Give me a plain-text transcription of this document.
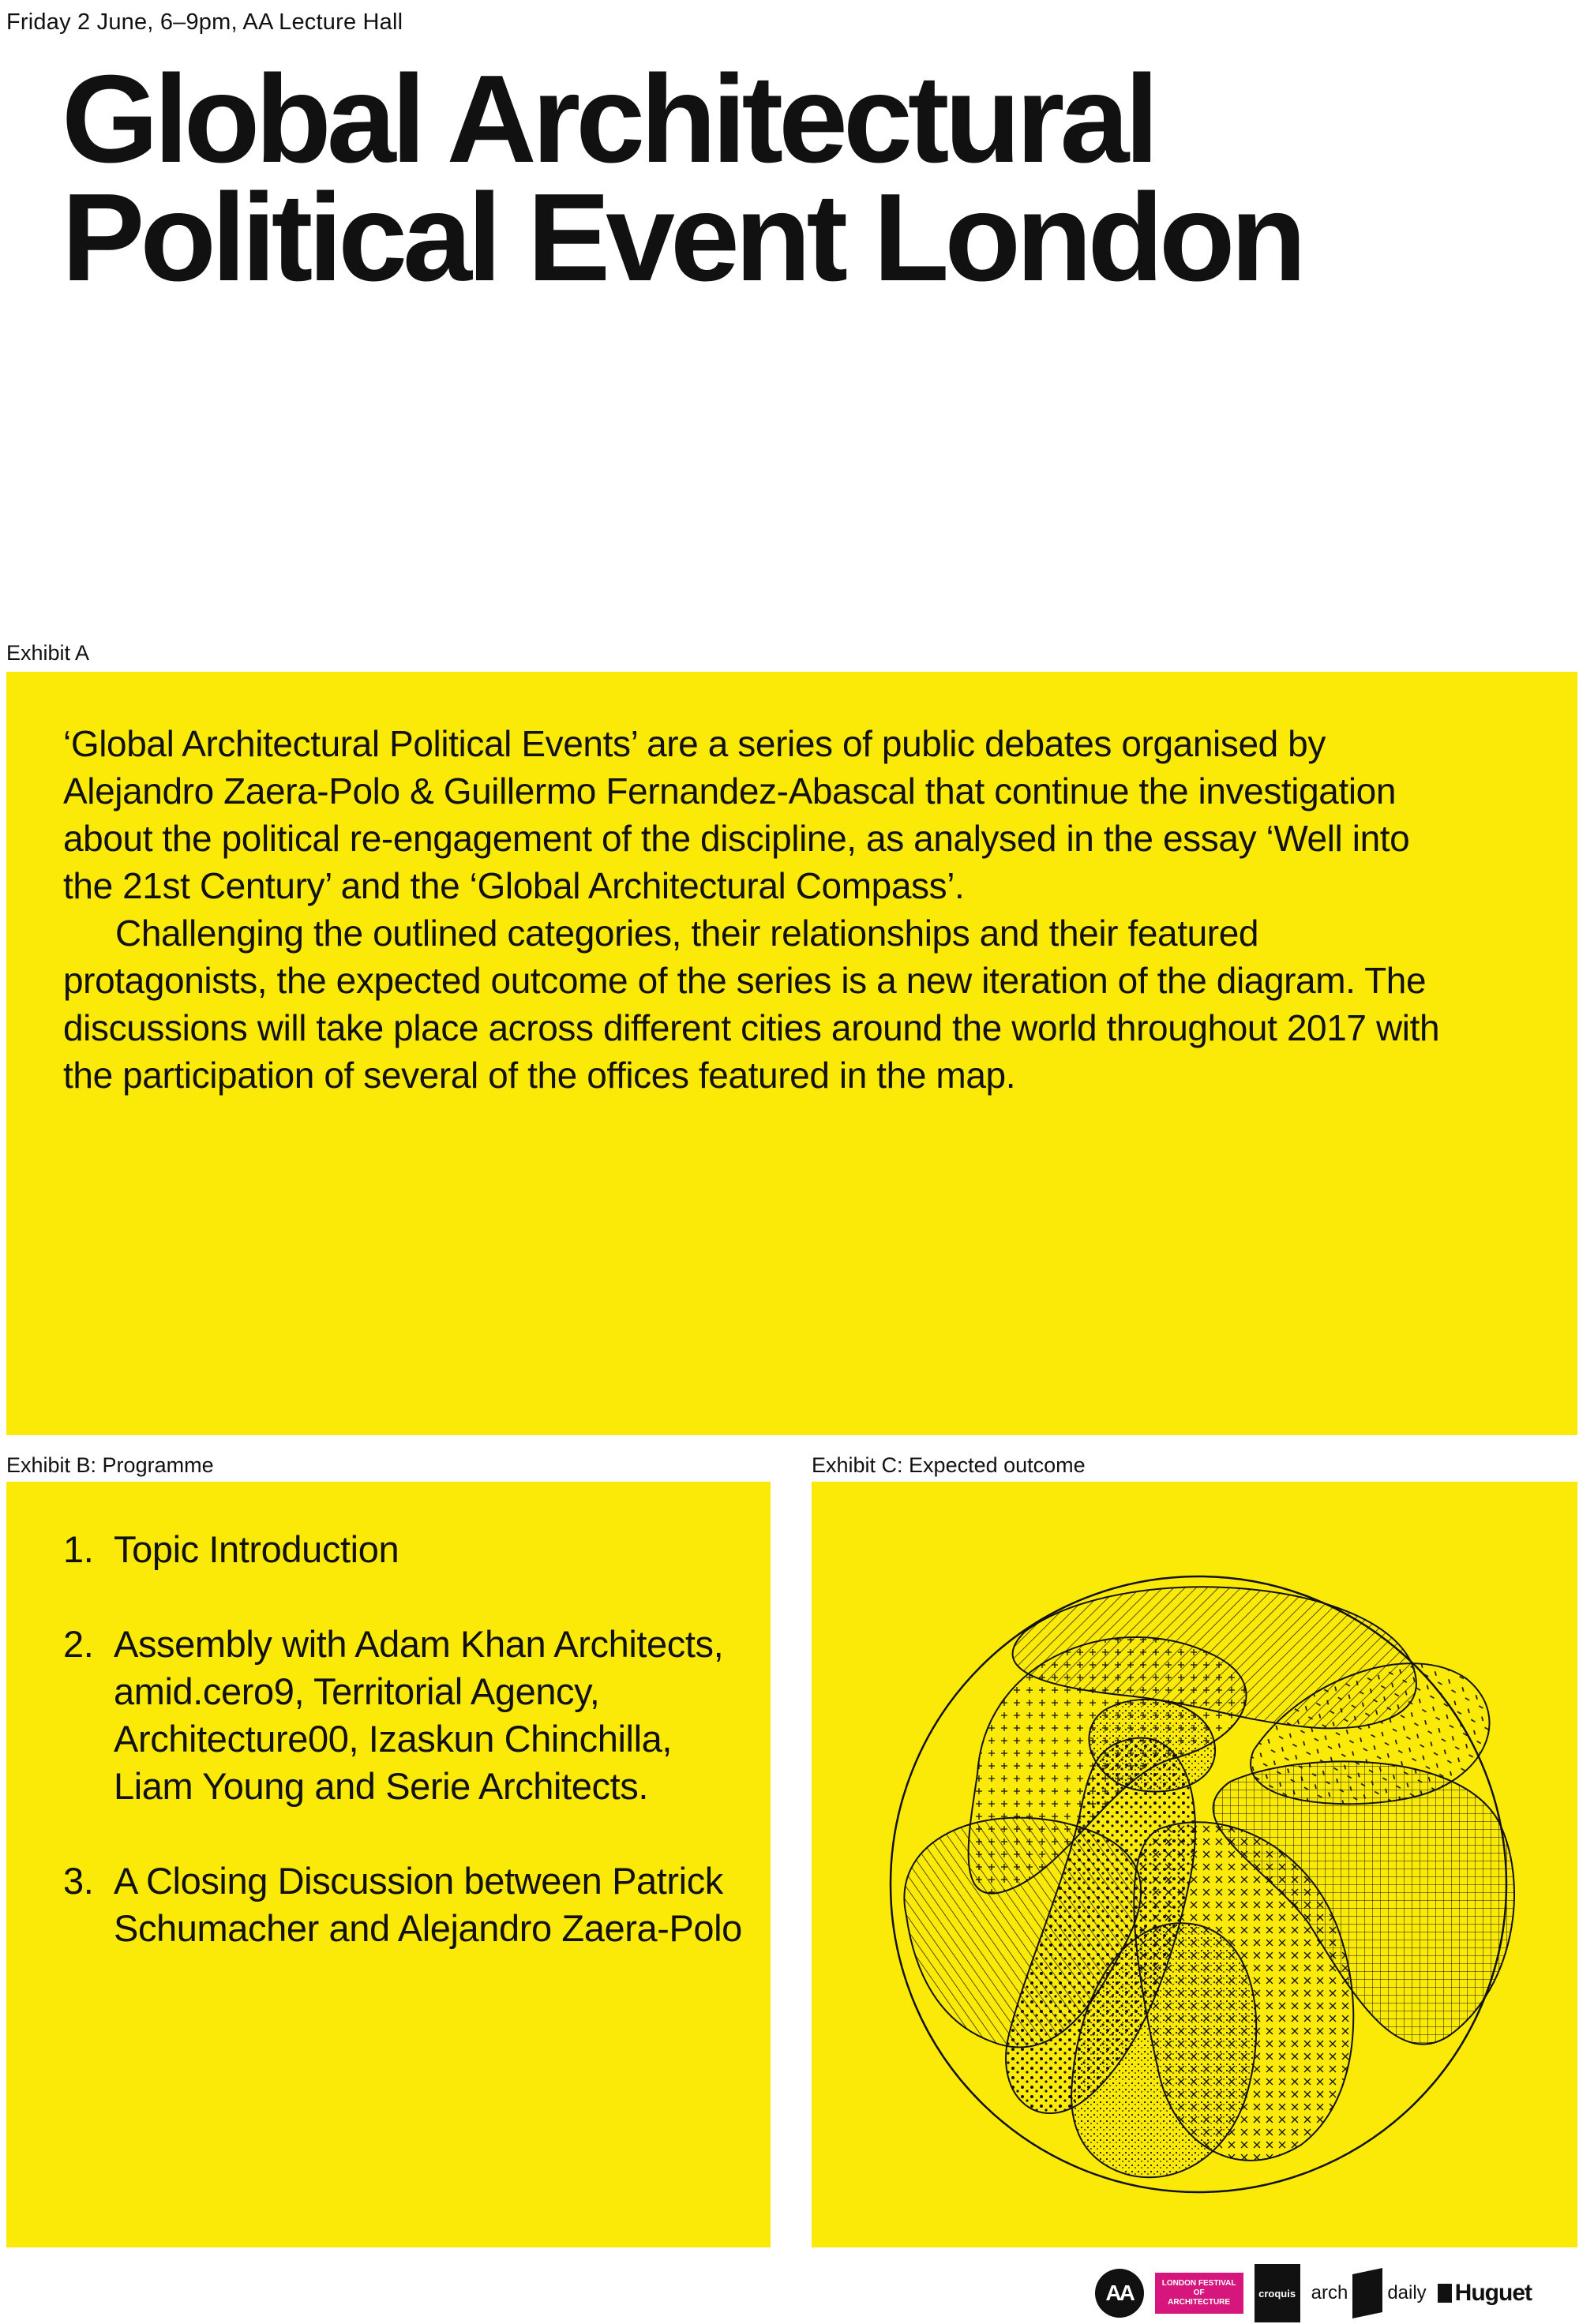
Friday 2 June, 6–9pm, AA Lecture Hall
Global Architectural
Political Event London
Exhibit A

‘Global Architectural Political Events’ are a series of public debates organised by Alejandro Zaera-Polo & Guillermo Fernandez-Abascal that continue the investigation about the political re-engagement of the discipline, as analysed in the essay ‘Well into the 21st Century’ and the ‘Global Architectural Compass’.

Challenging the outlined categories, their relationships and their featured protagonists, the expected outcome of the series is a new iteration of the diagram. The discussions will take place across different cities around the world throughout 2017 with the participation of several of the offices featured in the map.

Exhibit B: Programme
1. Topic Introduction
2. Assembly with Adam Khan Architects, amid.cero9, Territorial Agency, Architecture00, Izaskun Chinchilla, Liam Young and Serie Architects.
3. A Closing Discussion between Patrick Schumacher and Alejandro Zaera-Polo
Exhibit C: Expected outcome
AA	LONDON FESTIVAL OF
ARCHITECTURE
croquis arch daily Huguet
